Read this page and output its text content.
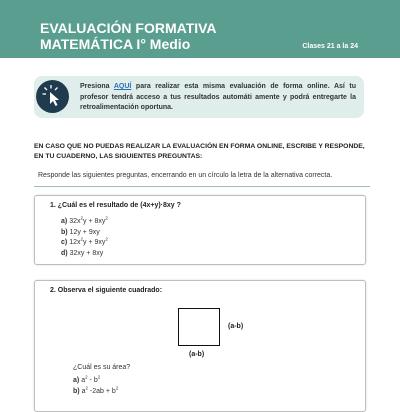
EVALUACIÓN FORMATIVA
MATEMÁTICA I° Medio	Clases 21 a la 24
Presiona AQUÍ para realizar esta misma evaluación de forma online. Así tu profesor tendrá acceso a tus resultados automáti amente y podrá entregarte la retroalimentación oportuna.
EN CASO QUE NO PUEDAS REALIZAR LA EVALUACIÓN EN FORMA ONLINE, ESCRIBE Y RESPONDE, EN TU CUADERNO, LAS SIGUIENTES PREGUNTAS:
Responde las siguientes preguntas, encerrando en un círculo la letra de la alternativa correcta.
1. ¿Cuál es el resultado de (4x+y)·8xy ?
a) $32x^2y + 8xy^2$
b) 12y + 9xy
c) $12x^2y + 9xy^2$
d) 32xy + 8xy
2. Observa el siguiente cuadrado:
(a-b)
(a-b)
¿Cuál es su área?
a) $a^2 - b^2$
b) $a^2$ $-2ab + b^2$
